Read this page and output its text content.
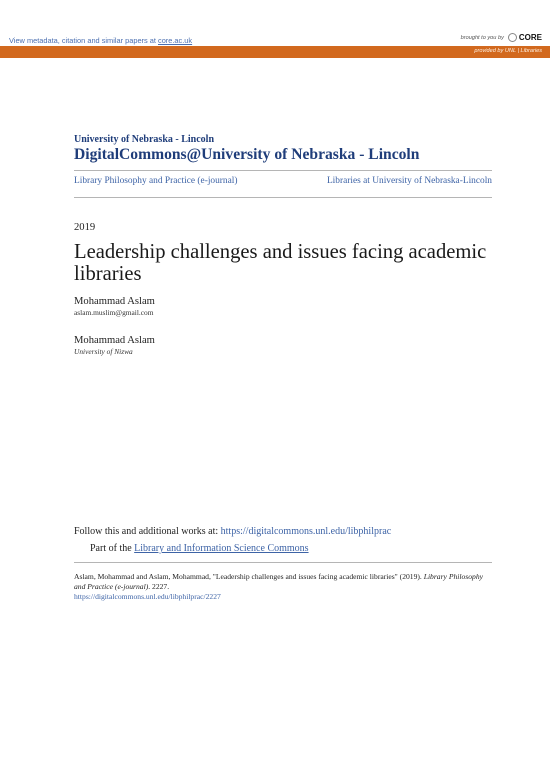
View metadata, citation and similar papers at core.ac.uk	brought to you by CORE
provided by UNL | Libraries
University of Nebraska - Lincoln
DigitalCommons@University of Nebraska - Lincoln
Library Philosophy and Practice (e-journal)	Libraries at University of Nebraska-Lincoln
2019
Leadership challenges and issues facing academic libraries
Mohammad Aslam
aslam.muslim@gmail.com
Mohammad Aslam
University of Nizwa
Follow this and additional works at: https://digitalcommons.unl.edu/libphilprac
Part of the Library and Information Science Commons
Aslam, Mohammad and Aslam, Mohammad, "Leadership challenges and issues facing academic libraries" (2019). Library Philosophy and Practice (e-journal). 2227.
https://digitalcommons.unl.edu/libphilprac/2227
